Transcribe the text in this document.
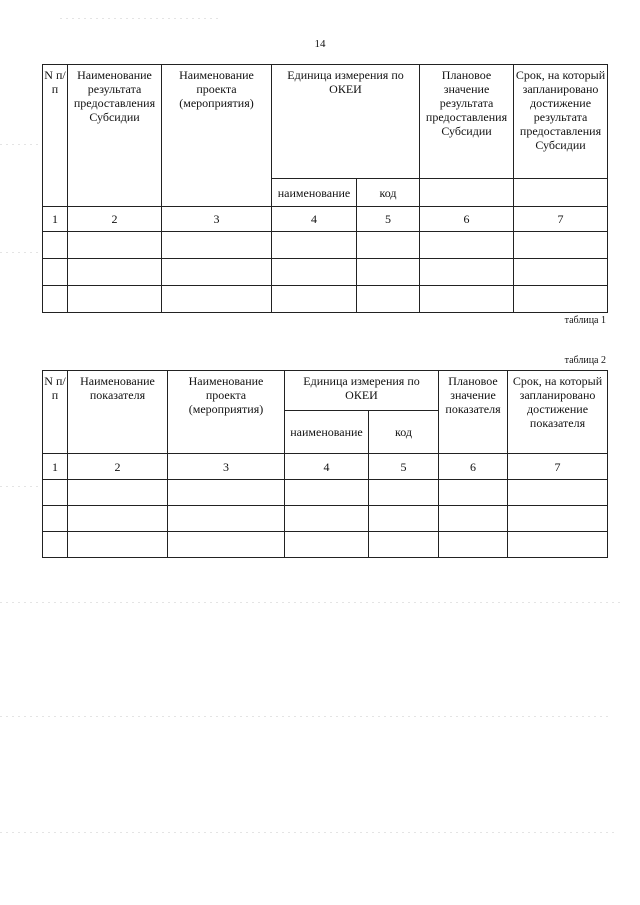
14
N п/п	Наименование результата предоставления Субсидии	Наименование проекта (мероприятия)	Единица измерения по ОКЕИ		Плановое значение результата предоставления Субсидии	Срок, на который запланировано достижение результата предоставления Субсидии
			наименование	код		
1	2	3	4	5	6	7

таблица 1
таблица 2
N п/п	Наименование показателя	Наименование проекта (мероприятия)	Единица измерения по ОКЕИ		Плановое значение показателя	Срок, на который запланировано достижение показателя
			наименование	код		
1	2	3	4	5	6	7
